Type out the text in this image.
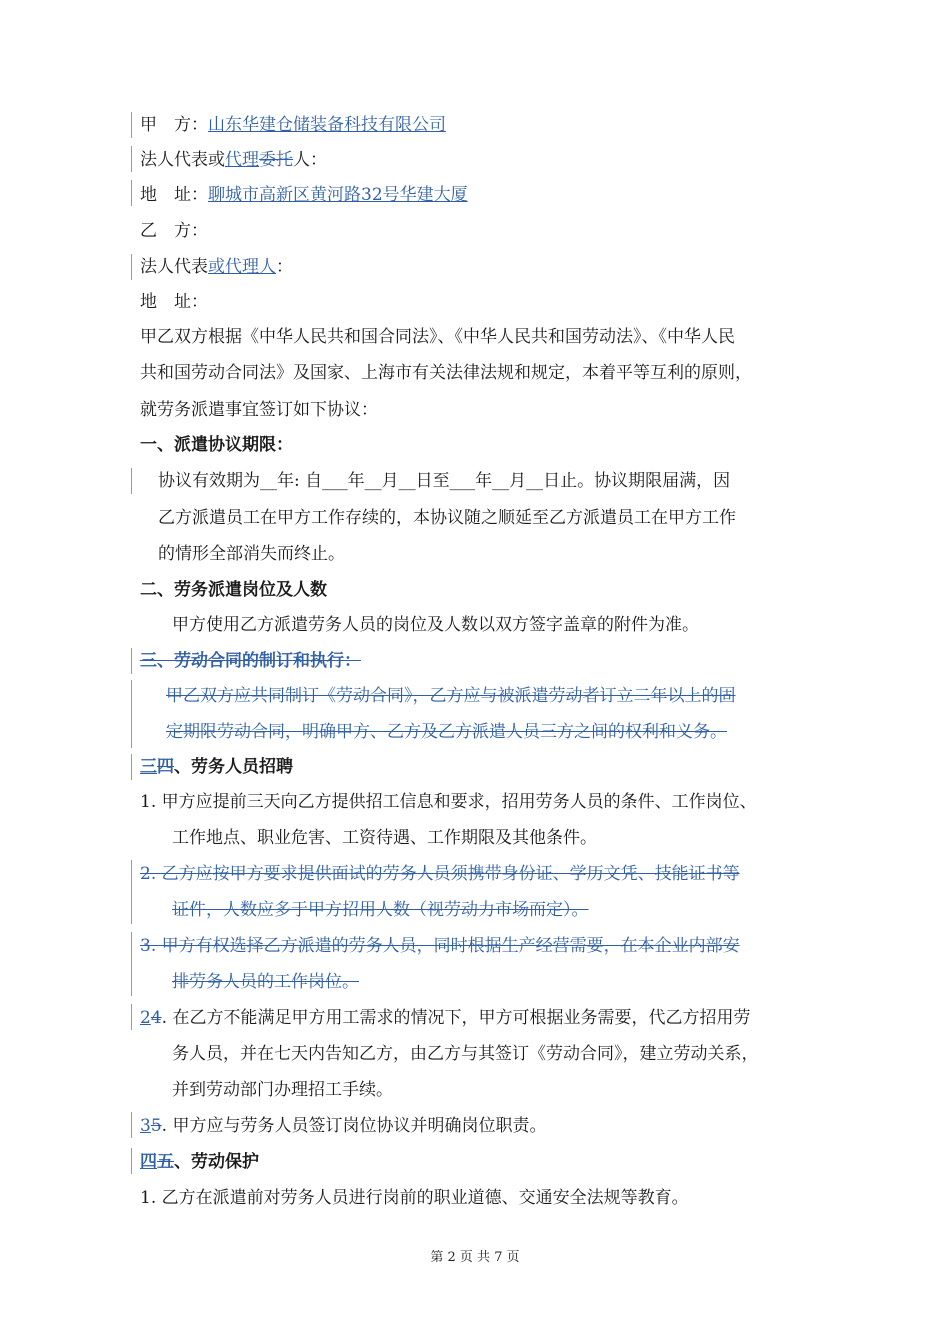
甲　方：山东华建仓储装备科技有限公司
法人代表或代理委托人：
地　址：聊城市高新区黄河路32号华建大厦
乙　方：
法人代表或代理人：
地　址：
甲乙双方根据《中华人民共和国合同法》、《中华人民共和国劳动法》、《中华人民
共和国劳动合同法》及国家、上海市有关法律法规和规定，本着平等互利的原则，
就劳务派遣事宜签订如下协议：
一、派遣协议期限：
协议有效期为__年: 自___年__月__日至___年__月__日止。协议期限届满，因
乙方派遣员工在甲方工作存续的，本协议随之顺延至乙方派遣员工在甲方工作
的情形全部消失而终止。
二、劳务派遣岗位及人数
甲方使用乙方派遣劳务人员的岗位及人数以双方签字盖章的附件为准。
三、劳动合同的制订和执行：
甲乙双方应共同制订《劳动合同》，乙方应与被派遣劳动者订立二年以上的固
定期限劳动合同，明确甲方、乙方及乙方派遣人员三方之间的权利和义务。
三四、劳务人员招聘
1. 甲方应提前三天向乙方提供招工信息和要求，招用劳务人员的条件、工作岗位、
工作地点、职业危害、工资待遇、工作期限及其他条件。
2. 乙方应按甲方要求提供面试的劳务人员须携带身份证、学历文凭、技能证书等
证件，人数应多于甲方招用人数（视劳动力市场而定）。
3. 甲方有权选择乙方派遣的劳务人员，同时根据生产经营需要，在本企业内部安
排劳务人员的工作岗位。
24. 在乙方不能满足甲方用工需求的情况下，甲方可根据业务需要，代乙方招用劳
务人员，并在七天内告知乙方，由乙方与其签订《劳动合同》，建立劳动关系，
并到劳动部门办理招工手续。
35. 甲方应与劳务人员签订岗位协议并明确岗位职责。
四五、劳动保护
1. 乙方在派遣前对劳务人员进行岗前的职业道德、交通安全法规等教育。
第 2 页 共 7 页
